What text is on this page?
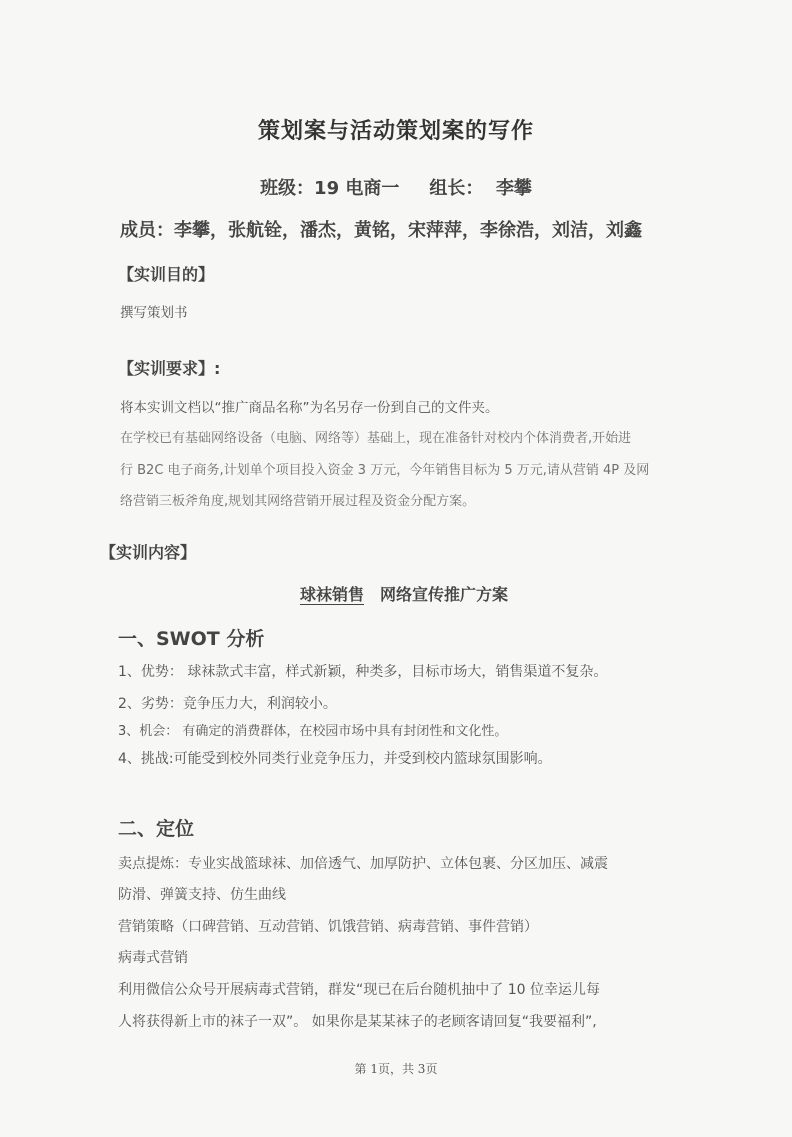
策划案与活动策划案的写作
班级：19 电商一 组长： 李攀
成员：李攀，张航铨，潘杰，黄铭，宋萍萍，李徐浩，刘洁，刘鑫
【实训目的】
撰写策划书
【实训要求】:
将本实训文档以“推广商品名称”为名另存一份到自己的文件夹。
在学校已有基础网络设备（电脑、网络等）基础上，现在准备针对校内个体消费者,开始进
行 B2C 电子商务,计划单个项目投入资金 3 万元，今年销售目标为 5 万元,请从营销 4P 及网
络营销三板斧角度,规划其网络营销开展过程及资金分配方案。
【实训内容】
球袜销售 网络宣传推广方案
一、SWOT 分析
1、优势： 球袜款式丰富，样式新颖，种类多，目标市场大，销售渠道不复杂。
2、劣势：竞争压力大，利润较小。
3、机会： 有确定的消费群体，在校园市场中具有封闭性和文化性。
4、挑战:可能受到校外同类行业竞争压力，并受到校内篮球氛围影响。
二、定位
卖点提炼：专业实战篮球袜、加倍透气、加厚防护、立体包裹、分区加压、减震
防滑、弹簧支持、仿生曲线
营销策略（口碑营销、互动营销、饥饿营销、病毒营销、事件营销）
病毒式营销
利用微信公众号开展病毒式营销，群发“现已在后台随机抽中了 10 位幸运儿每
人将获得新上市的袜子一双”。 如果你是某某袜子的老顾客请回复“我要福利”,
第 1页，共 3页
